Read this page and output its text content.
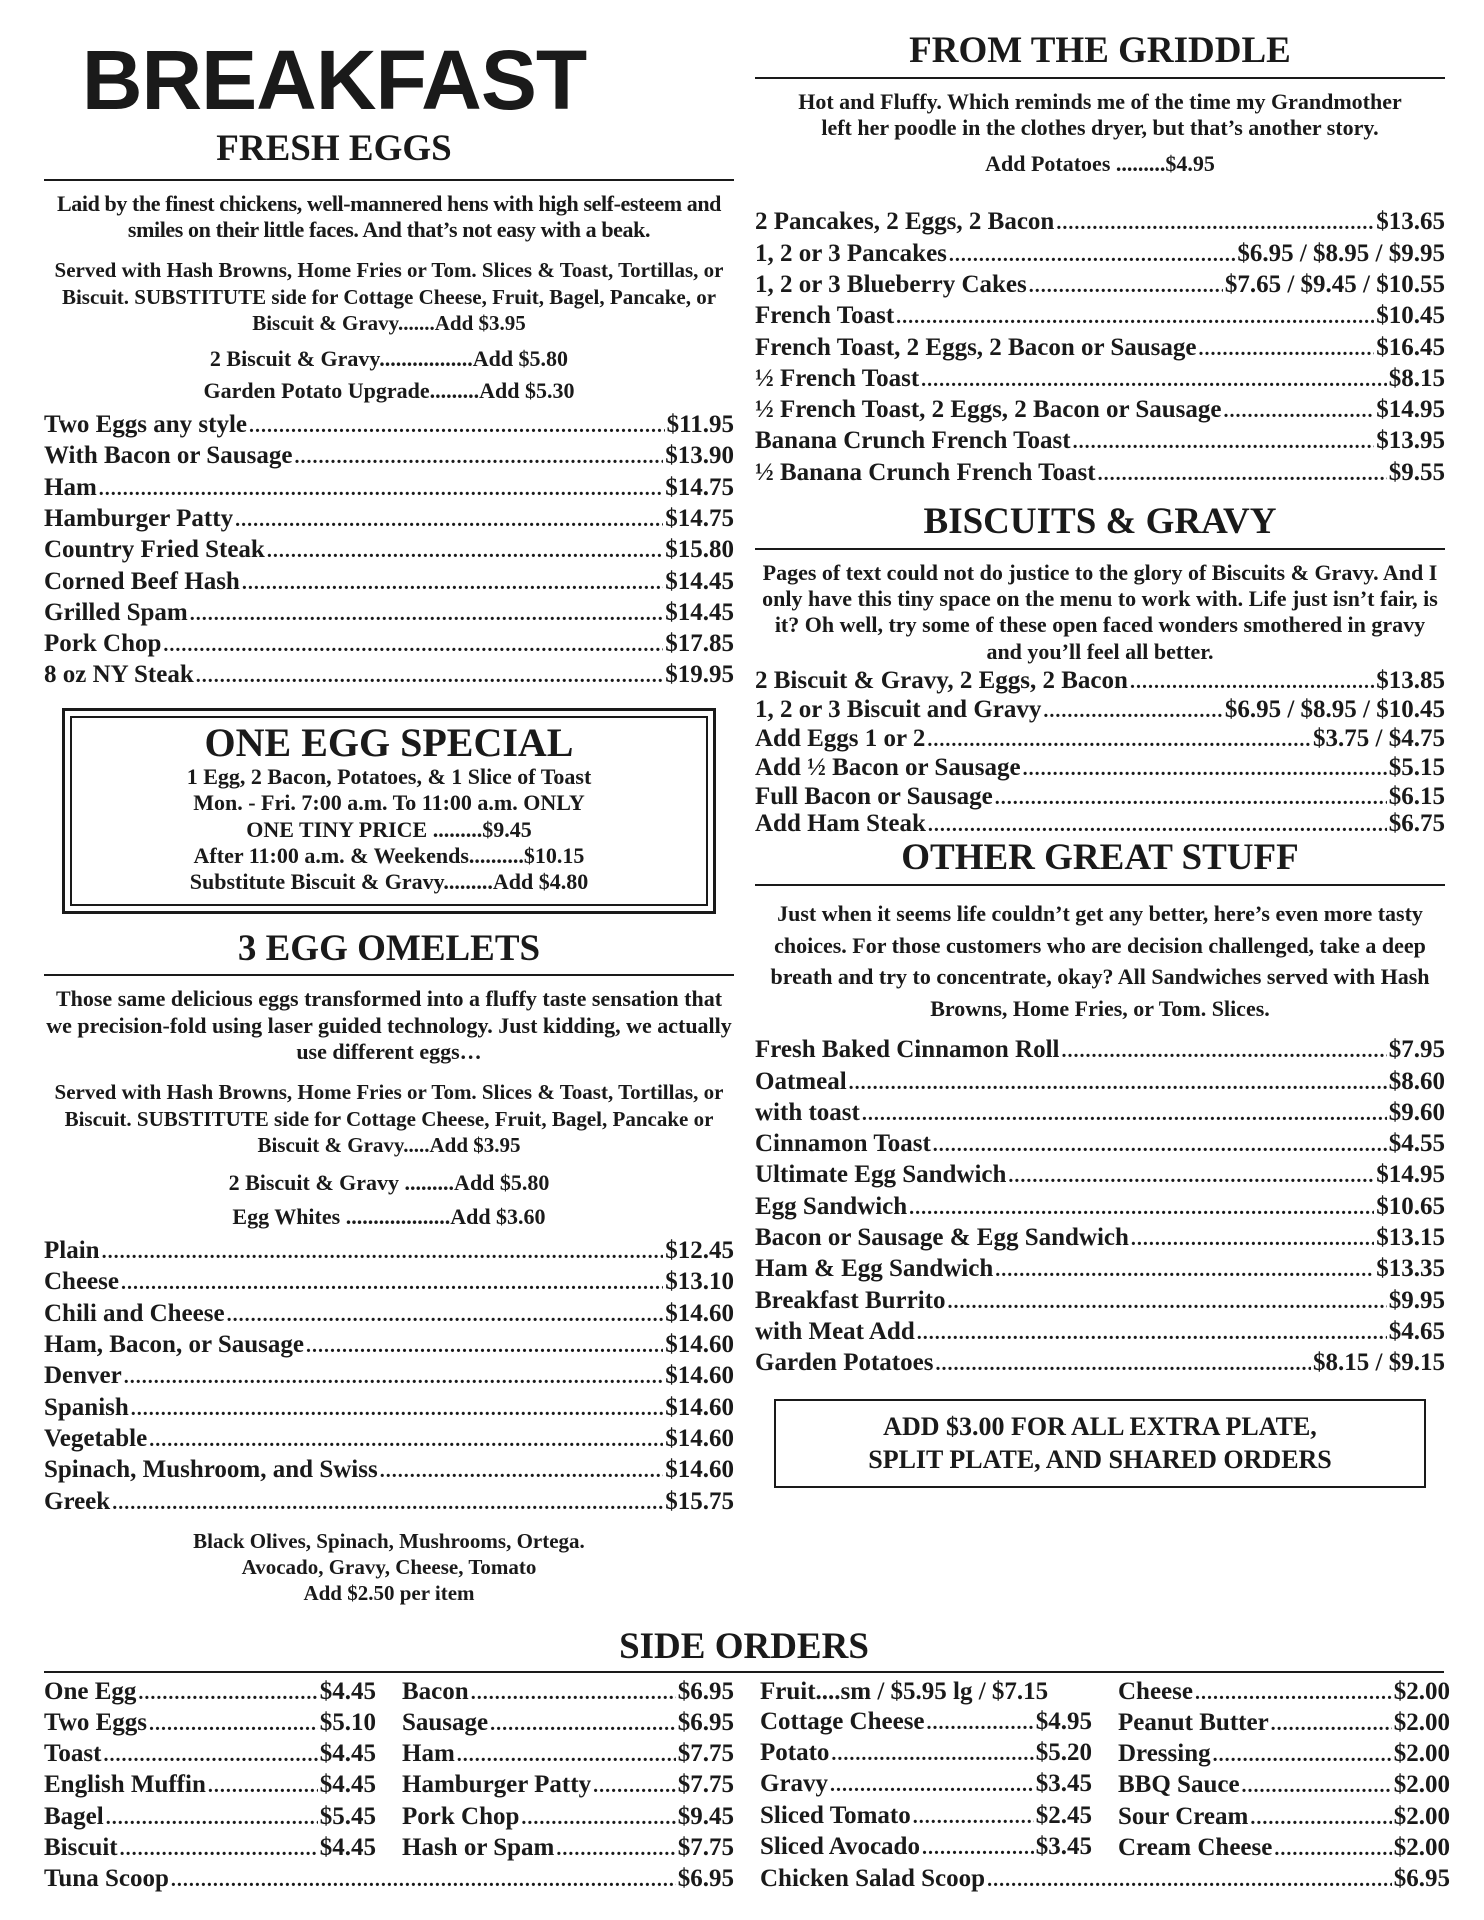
BREAKFAST
FRESH EGGS

Laid by the finest chickens, well-mannered hens with high self-esteem and smiles on their little faces. And that’s not easy with a beak.

Served with Hash Browns, Home Fries or Tom. Slices & Toast, Tortillas, or Biscuit. SUBSTITUTE side for Cottage Cheese, Fruit, Bagel, Pancake, or Biscuit & Gravy.......Add $3.95

2 Biscuit & Gravy.................Add $5.80

Garden Potato Upgrade.........Add $5.30

Two Eggs any style .....	$11.95
With Bacon or Sausage .....	$13.90
Ham .....	$14.75
Hamburger Patty .....	$14.75
Country Fried Steak .....	$15.80
Corned Beef Hash .....	$14.45
Grilled Spam .....	$14.45
Pork Chop .....	$17.85
8 oz NY Steak .....	$19.95
ONE EGG SPECIAL

1 Egg, 2 Bacon, Potatoes, & 1 Slice of Toast

Mon. - Fri. 7:00 a.m. To 11:00 a.m. ONLY

ONE TINY PRICE .........$9.45

After 11:00 a.m. & Weekends..........$10.15

Substitute Biscuit & Gravy.........Add $4.80

3 EGG OMELETS

Those same delicious eggs transformed into a fluffy taste sensation that we precision-fold using laser guided technology. Just kidding, we actually use different eggs…

Served with Hash Browns, Home Fries or Tom. Slices & Toast, Tortillas, or Biscuit. SUBSTITUTE side for Cottage Cheese, Fruit, Bagel, Pancake or Biscuit & Gravy.....Add $3.95

2 Biscuit & Gravy .........Add $5.80

Egg Whites ...................Add $3.60

Plain .....	$12.45
Cheese .....	$13.10
Chili and Cheese .....	$14.60
Ham, Bacon, or Sausage .....	$14.60
Denver .....	$14.60
Spanish .....	$14.60
Vegetable .....	$14.60
Spinach, Mushroom, and Swiss .....	$14.60
Greek .....	$15.75

Black Olives, Spinach, Mushrooms, Ortega.

Avocado, Gravy, Cheese, Tomato

Add $2.50 per item

FROM THE GRIDDLE

Hot and Fluffy. Which reminds me of the time my Grandmother left her poodle in the clothes dryer, but that’s another story.

Add Potatoes .........$4.95

2 Pancakes, 2 Eggs, 2 Bacon .....	$13.65
1, 2 or 3 Pancakes .....	$6.95 / $8.95 / $9.95
1, 2 or 3 Blueberry Cakes .....	$7.65 / $9.45 / $10.55
French Toast .....	$10.45
French Toast, 2 Eggs, 2 Bacon or Sausage .....	$16.45
½ French Toast .....	$8.15
½ French Toast, 2 Eggs, 2 Bacon or Sausage .....	$14.95
Banana Crunch French Toast .....	$13.95
½ Banana Crunch French Toast .....	$9.55
BISCUITS & GRAVY

Pages of text could not do justice to the glory of Biscuits & Gravy. And I only have this tiny space on the menu to work with. Life just isn’t fair, is it? Oh well, try some of these open faced wonders smothered in gravy and you’ll feel all better.

2 Biscuit & Gravy, 2 Eggs, 2 Bacon .....	$13.85
1, 2 or 3 Biscuit and Gravy .....	$6.95 / $8.95 / $10.45
Add Eggs 1 or 2 .....	$3.75 / $4.75
Add ½ Bacon or Sausage .....	$5.15
Full Bacon or Sausage .....	$6.15
Add Ham Steak .....	$6.75
OTHER GREAT STUFF

Just when it seems life couldn’t get any better, here’s even more tasty choices. For those customers who are decision challenged, take a deep breath and try to concentrate, okay? All Sandwiches served with Hash Browns, Home Fries, or Tom. Slices.

Fresh Baked Cinnamon Roll .....	$7.95
Oatmeal .....	$8.60
with toast .....	$9.60
Cinnamon Toast .....	$4.55
Ultimate Egg Sandwich .....	$14.95
Egg Sandwich .....	$10.65
Bacon or Sausage & Egg Sandwich .....	$13.15
Ham & Egg Sandwich .....	$13.35
Breakfast Burrito .....	$9.95
with Meat Add .....	$4.65
Garden Potatoes .....	$8.15 / $9.15
ADD $3.00 FOR ALL EXTRA PLATE,
SPLIT PLATE, AND SHARED ORDERS
SIDE ORDERS
One Egg .....	$4.45
Two Eggs .....	$5.10
Toast .....	$4.45
English Muffin .....	$4.45
Bagel .....	$5.45
Biscuit .....	$4.45
Bacon .....	$6.95
Sausage .....	$6.95
Ham .....	$7.75
Hamburger Patty .....	$7.75
Pork Chop .....	$9.45
Hash or Spam .....	$7.75
Fruit....sm / $5.95 lg / $7.15
Cottage Cheese .....	$4.95
Potato .....	$5.20
Gravy .....	$3.45
Sliced Tomato .....	$2.45
Sliced Avocado .....	$3.45
Cheese .....	$2.00
Peanut Butter .....	$2.00
Dressing .....	$2.00
BBQ Sauce .....	$2.00
Sour Cream .....	$2.00
Cream Cheese .....	$2.00
Tuna Scoop .....	$6.95 Chicken Salad Scoop .....	$6.95
